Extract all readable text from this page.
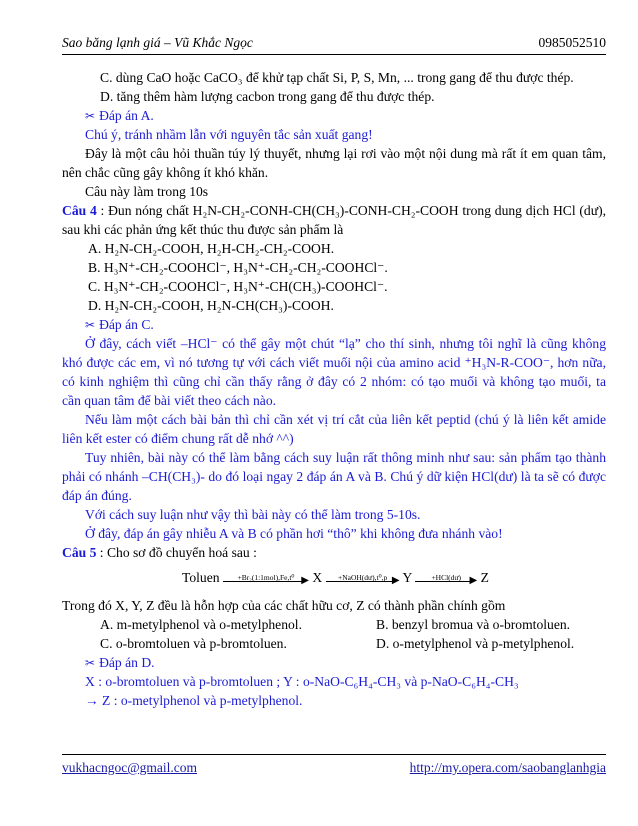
Sao băng lạnh giá – Vũ Khắc Ngọc	0985052510
C. dùng CaO hoặc CaCO₃ để khử tạp chất Si, P, S, Mn, ... trong gang để thu được thép.
D. tăng thêm hàm lượng cacbon trong gang để thu được thép.
✂ Đáp án A.
Chú ý, tránh nhầm lẫn với nguyên tắc sản xuất gang!
Đây là một câu hỏi thuần túy lý thuyết, nhưng lại rơi vào một nội dung mà rất ít em quan tâm,
nên chắc cũng gây không ít khó khăn.
Câu này làm trong 10s
Câu 4 : Đun nóng chất H₂N-CH₂-CONH-CH(CH₃)-CONH-CH₂-COOH trong dung dịch HCl (dư),
sau khi các phản ứng kết thúc thu được sản phẩm là
A. H₂N-CH₂-COOH, H₂H-CH₂-CH₂-COOH.
B. H₃N⁺-CH₂-COOHCl⁻, H₃N⁺-CH₂-CH₂-COOHCl⁻.
C. H₃N⁺-CH₂-COOHCl⁻, H₃N⁺-CH(CH₃)-COOHCl⁻.
D. H₂N-CH₂-COOH, H₂N-CH(CH₃)-COOH.
✂ Đáp án C.
Ở đây, cách viết –HCl⁻ có thể gây một chút “lạ” cho thí sinh, nhưng tôi nghĩ là cũng không
khó được các em, vì nó tương tự với cách viết muối nội của amino acid ⁺H₃N-R-COO⁻, hơn nữa,
có kinh nghiệm thì cũng chỉ cần thấy rằng ở đây có 2 nhóm: có tạo muối và không tạo muối, ta
cần quan tâm để bài viết theo cách nào.
Nếu làm một cách bài bản thì chỉ cần xét vị trí cắt của liên kết peptid (chú ý là liên kết amide
liên kết ester có điểm chung rất dễ nhớ ^^)
Tuy nhiên, bài này có thể làm bằng cách suy luận rất thông minh như sau: sản phẩm tạo thành
phải có nhánh –CH(CH₃)- do đó loại ngay 2 đáp án A và B. Chú ý dữ kiện HCl(dư) là ta sẽ có được
đáp án đúng.
Với cách suy luận như vậy thì bài này có thể làm trong 5-10s.
Ở đây, đáp án gây nhiễu A và B có phần hơi “thô” khi không đưa nhánh vào!
Câu 5 : Cho sơ đồ chuyển hoá sau :
Toluen	+Br₂(1:1mol),Fe,t⁰ ▶ X	+NaOH(dư),t⁰,p ▶ Y	+HCl(dư) ▶ Z
Trong đó X, Y, Z đều là hỗn hợp của các chất hữu cơ, Z có thành phần chính gồm
A. m-metylphenol và o-metylphenol.	B. benzyl bromua và o-bromtoluen.
C. o-bromtoluen và p-bromtoluen.	D. o-metylphenol và p-metylphenol.
✂ Đáp án D.
X : o-bromtoluen và p-bromtoluen ; Y : o-NaO-C₆H₄-CH₃ và p-NaO-C₆H₄-CH₃
→ Z : o-metylphenol và p-metylphenol.
vukhacngoc@gmail.com	http://my.opera.com/saobanglanhgia
